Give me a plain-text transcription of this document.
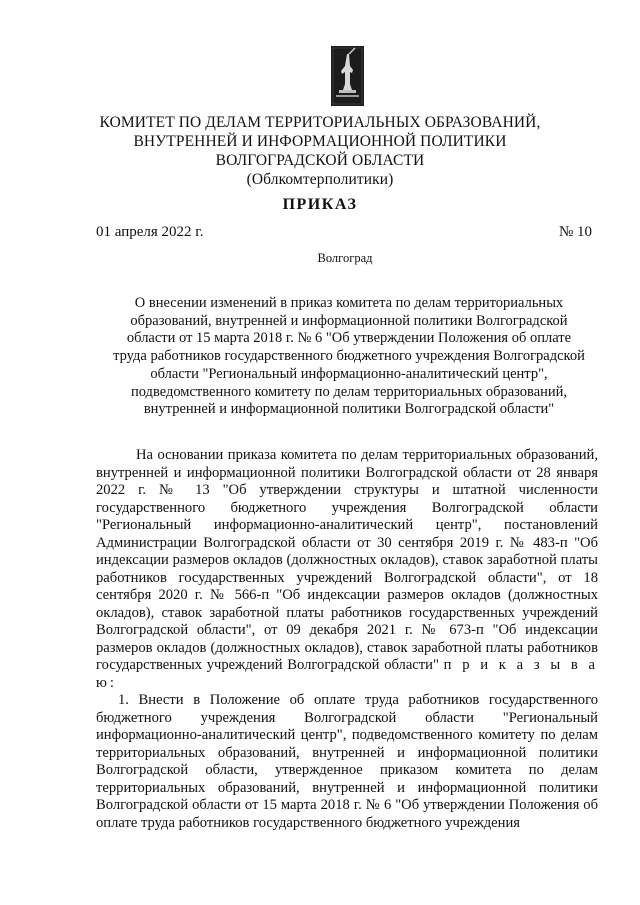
КОМИТЕТ ПО ДЕЛАМ ТЕРРИТОРИАЛЬНЫХ ОБРАЗОВАНИЙ,
ВНУТРЕННЕЙ И ИНФОРМАЦИОННОЙ ПОЛИТИКИ
ВОЛГОГРАДСКОЙ ОБЛАСТИ
(Облкомтерполитики)
ПРИКАЗ
01 апреля 2022 г.	№ 10
Волгоград
О внесении изменений в приказ комитета по делам территориальных
образований, внутренней и информационной политики Волгоградской
области от 15 марта 2018 г. № 6 "Об утверждении Положения об оплате
труда работников государственного бюджетного учреждения Волгоградской
области "Региональный информационно-аналитический центр",
подведомственного комитету по делам территориальных образований,
внутренней и информационной политики Волгоградской области"

На основании приказа комитета по делам территориальных образований, внутренней и информационной политики Волгоградской области от 28 января 2022 г. № 13 "Об утверждении структуры и штатной численности государственного бюджетного учреждения Волгоградской области "Региональный информационно-аналитический центр", постановлений Администрации Волгоградской области от 30 сентября 2019 г. № 483-п "Об индексации размеров окладов (должностных окладов), ставок заработной платы работников государственных учреждений Волгоградской области", от 18 сентября 2020 г. № 566-п "Об индексации размеров окладов (должностных окладов), ставок заработной платы работников государственных учреждений Волгоградской области", от 09 декабря 2021 г. № 673-п "Об индексации размеров окладов (должностных окладов), ставок заработной платы работников государственных учреждений Волгоградской области" п р и к а з ы в а ю:

1. Внести в Положение об оплате труда работников государственного бюджетного учреждения Волгоградской области "Региональный информационно-аналитический центр", подведомственного комитету по делам территориальных образований, внутренней и информационной политики Волгоградской области, утвержденное приказом комитета по делам территориальных образований, внутренней и информационной политики Волгоградской области от 15 марта 2018 г. № 6 "Об утверждении Положения об оплате труда работников государственного бюджетного учреждения
